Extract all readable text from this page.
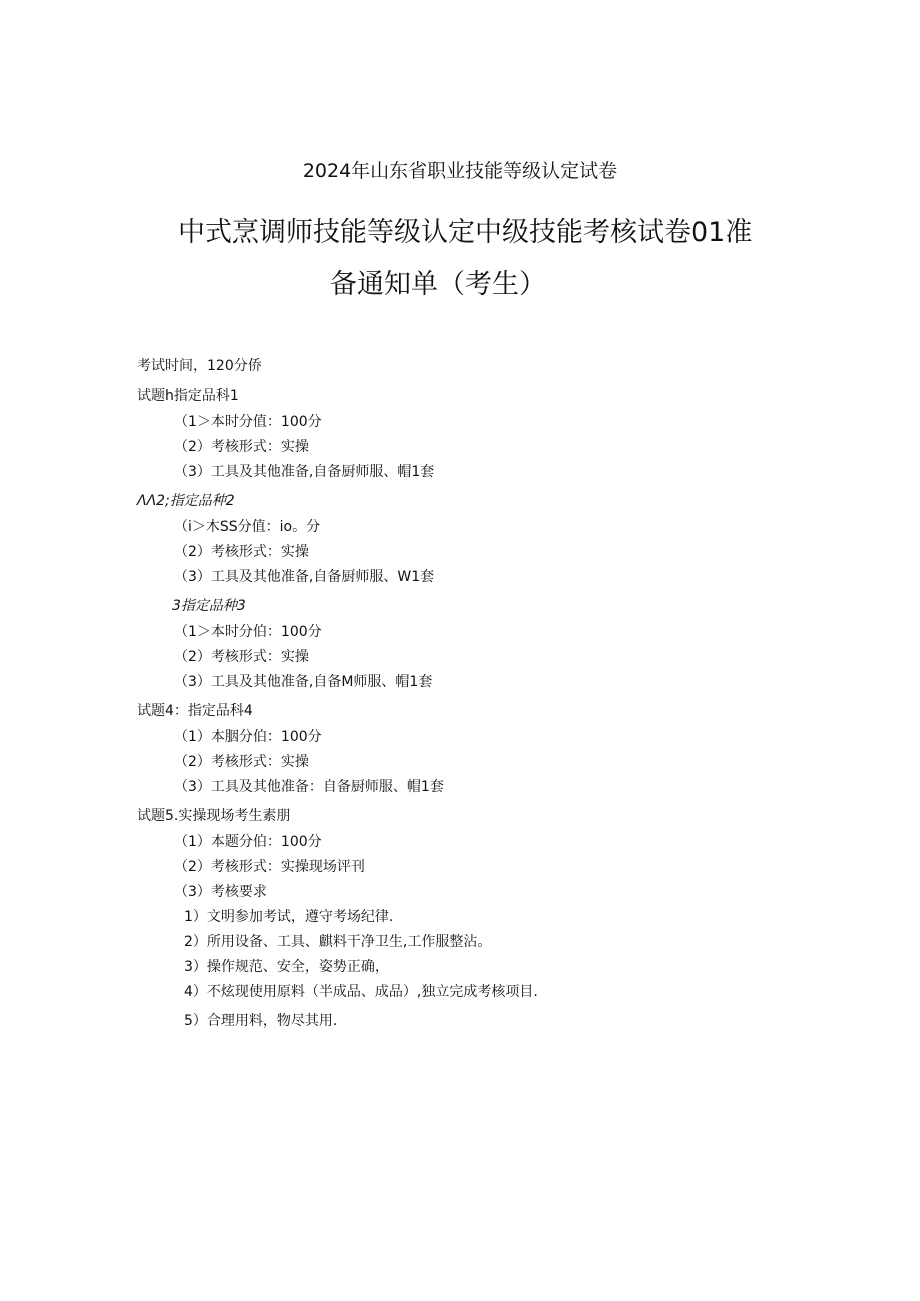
2024年山东省职业技能等级认定试卷
中式烹调师技能等级认定中级技能考核试卷01准
备通知单（考生）
考试时间，120分侨
试题h指定品科1
（1＞本时分值：100分
（2）考核形式：实操
（3）工具及其他准备,自备厨师服、帽1套
ΛΛ2;指定品种2
（i＞木SS分值：io。分
（2）考核形式：实操
（3）工具及其他准备,自备厨师服、W1套
3指定品种3
（1＞本时分伯：100分
（2）考核形式：实操
（3）工具及其他准备,自备M师服、帽1套
试题4：指定品科4
（1）本胭分伯：100分
（2）考核形式：实操
（3）工具及其他准备：自备厨师服、帽1套
试题5.实操现场考生素朋
（1）本题分伯：100分
（2）考核形式：实操现场评刊
（3）考核要求
1）文明参加考试，遵守考场纪律.
2）所用设备、工具、麒料干净卫生,工作服整沾。
3）操作规范、安全，姿势正确，
4）不炫现使用原料（半成品、成品）,独立完成考核项目.
5）合理用料，物尽其用.
